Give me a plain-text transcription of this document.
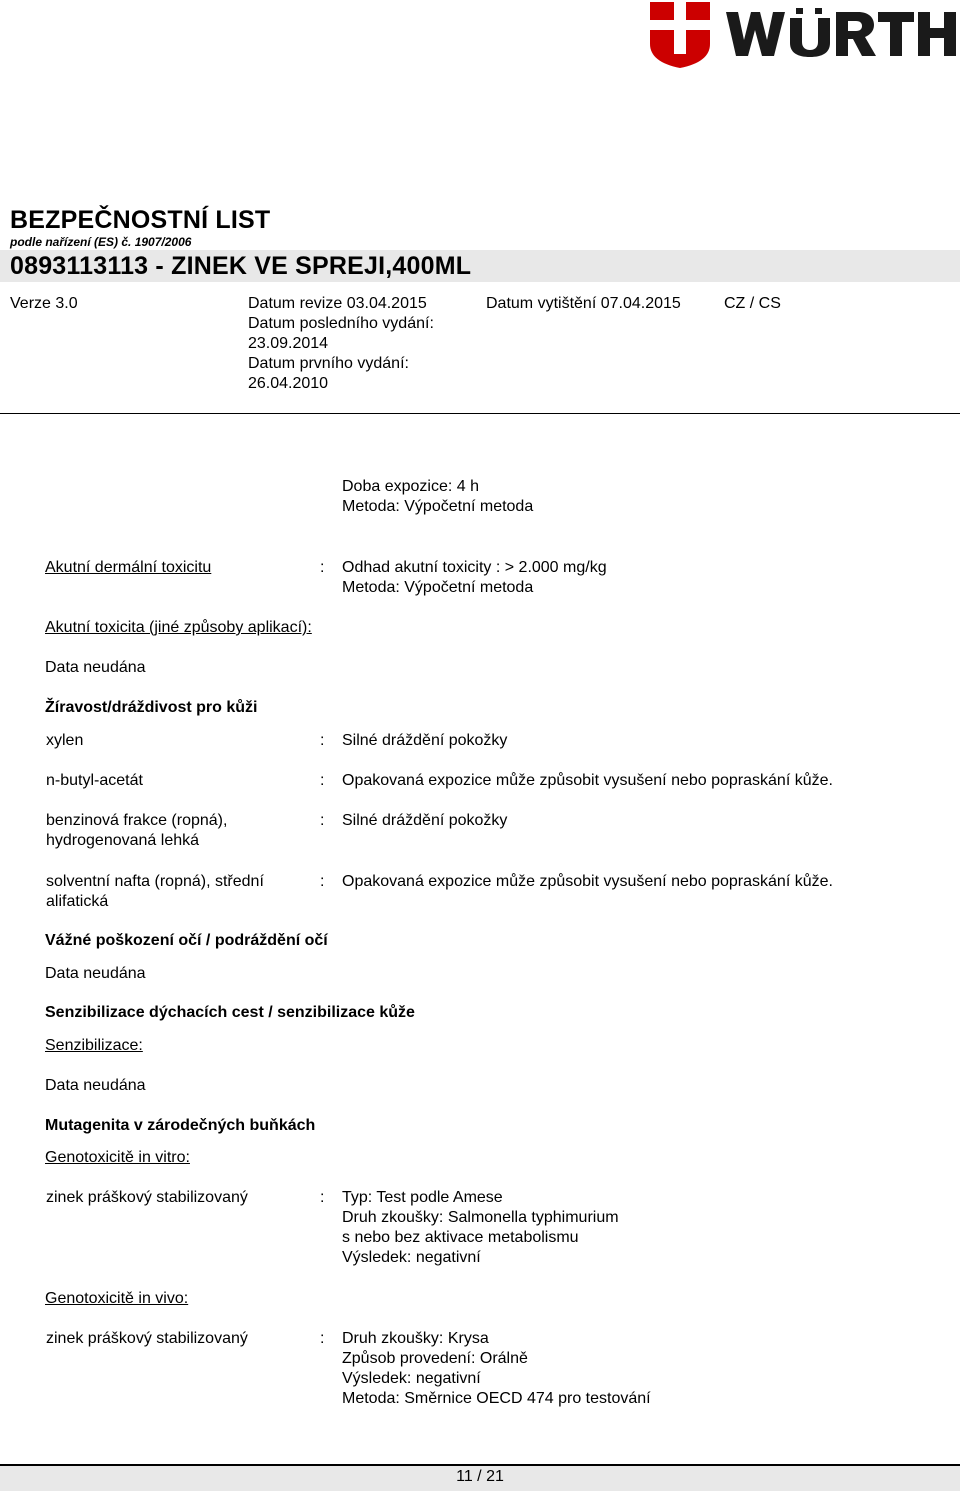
BEZPEČNOSTNÍ LIST
podle nařízení (ES) č. 1907/2006
0893113113 - ZINEK VE SPREJI,400ML
Verze 3.0	Datum revize 03.04.2015
Datum posledního vydání:
23.09.2014
Datum prvního vydání:
26.04.2010
Datum vytištění 07.04.2015	CZ / CS
Doba expozice: 4 h
Metoda: Výpočetní metoda
Akutní dermální toxicitu	: Odhad akutní toxicity : > 2.000 mg/kg
Metoda: Výpočetní metoda
Akutní toxicita (jiné způsoby aplikací):
Data neudána
Žíravost/dráždivost pro kůži
xylen	: Silné dráždění pokožky
n-butyl-acetát	: Opakovaná expozice může způsobit vysušení nebo popraskání kůže.
benzinová frakce (ropná),
hydrogenovaná lehká
: Silné dráždění pokožky
solventní nafta (ropná), střední
alifatická
: Opakovaná expozice může způsobit vysušení nebo popraskání kůže.
Vážné poškození očí / podráždění očí
Data neudána
Senzibilizace dýchacích cest / senzibilizace kůže
Senzibilizace:
Data neudána
Mutagenita v zárodečných buňkách
Genotoxicitě in vitro:
zinek práškový stabilizovaný	: Typ: Test podle Amese
Druh zkoušky: Salmonella typhimurium
s nebo bez aktivace metabolismu
Výsledek: negativní
Genotoxicitě in vivo:
zinek práškový stabilizovaný	: Druh zkoušky: Krysa
Způsob provedení: Orálně
Výsledek: negativní
Metoda: Směrnice OECD 474 pro testování
11 / 21
